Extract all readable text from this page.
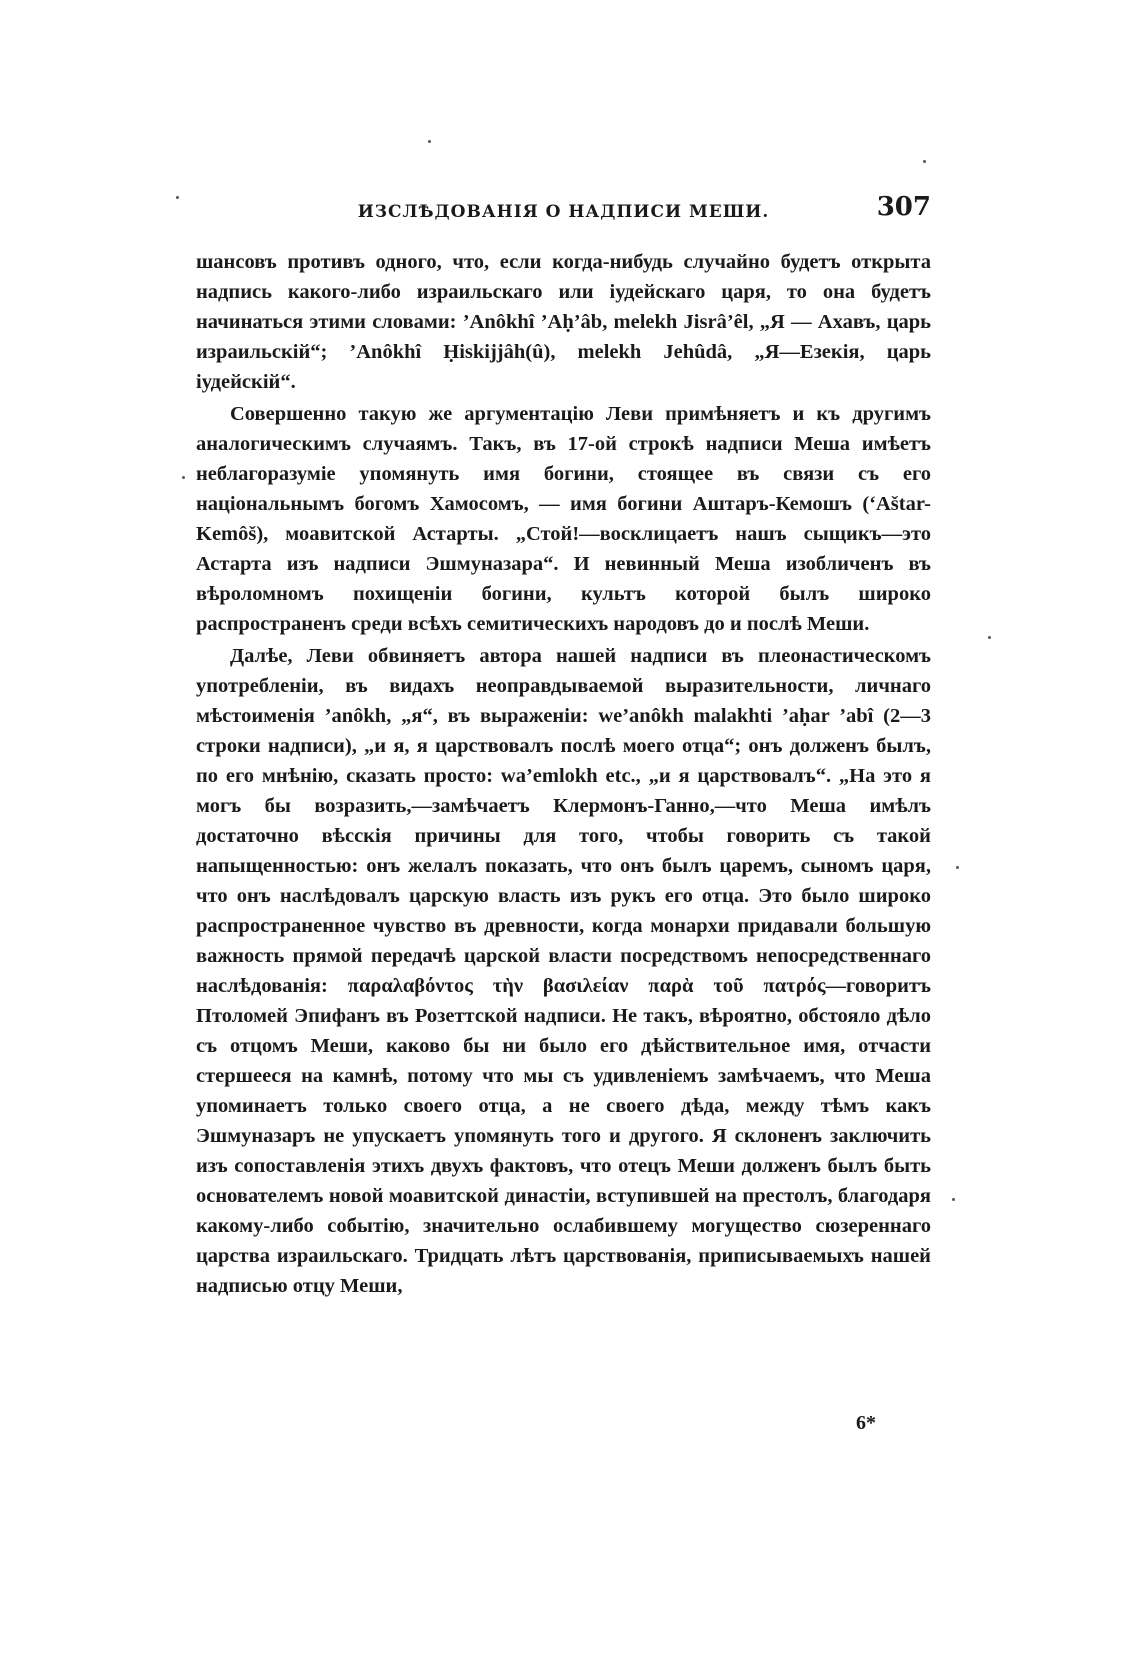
ИЗСЛѢДОВАНІЯ О НАДПИСИ МЕШИ.	307

шансовъ противъ одного, что, если когда-нибудь случайно будетъ открыта надпись какого-либо израильскаго или іудейскаго царя, то она будетъ начинаться этими словами: ’Anôkhî ’Aḥ’âb, melekh Jisrâ’êl, „Я — Ахавъ, царь израильскій“; ’Anôkhî Ḥiskijjâh(û), melekh Jehûdâ, „Я—Езекія, царь іудейскій“.

Совершенно такую же аргументацію Леви примѣняетъ и къ другимъ аналогическимъ случаямъ. Такъ, въ 17-ой строкѣ надписи Меша имѣетъ неблагоразуміе упомянуть имя богини, стоящее въ связи съ его національнымъ богомъ Хамосомъ, — имя богини Аштаръ-Кемошъ (‘Aštar-Kemôš), моавитской Астарты. „Стой!—восклицаетъ нашъ сыщикъ—это Астарта изъ надписи Эшмуназара“. И невинный Меша изобличенъ въ вѣроломномъ похищеніи богини, культъ которой былъ широко распространенъ среди всѣхъ семитическихъ народовъ до и послѣ Меши.

Далѣе, Леви обвиняетъ автора нашей надписи въ плеонастическомъ употребленіи, въ видахъ неоправдываемой выразительности, личнаго мѣстоименія ’anôkh, „я“, въ выраженіи: we’anôkh malakhti ’aḥar ’abî (2—3 строки надписи), „и я, я царствовалъ послѣ моего отца“; онъ долженъ былъ, по его мнѣнію, сказать просто: wa’emlokh etc., „и я царствовалъ“. „На это я могъ бы возразить,—замѣчаетъ Клермонъ-Ганно,—что Меша имѣлъ достаточно вѣсскія причины для того, чтобы говорить съ такой напыщенностью: онъ желалъ показать, что онъ былъ царемъ, сыномъ царя, что онъ наслѣдовалъ царскую власть изъ рукъ его отца. Это было широко распространенное чувство въ древности, когда монархи придавали большую важность прямой передачѣ царской власти посредствомъ непосредственнаго наслѣдованія: παραλαβόντος τὴν βασιλείαν παρὰ τοῦ πατρός—говоритъ Птоломей Эпифанъ въ Розеттской надписи. Не такъ, вѣроятно, обстояло дѣло съ отцомъ Меши, каково бы ни было его дѣйствительное имя, отчасти стершееся на камнѣ, потому что мы съ удивленіемъ замѣчаемъ, что Меша упоминаетъ только своего отца, а не своего дѣда, между тѣмъ какъ Эшмуназаръ не упускаетъ упомянуть того и другого. Я склоненъ заключить изъ сопоставленія этихъ двухъ фактовъ, что отецъ Меши долженъ былъ быть основателемъ новой моавитской династіи, вступившей на престолъ, благодаря какому-либо событію, значительно ослабившему могущество сюзереннаго царства израильскаго. Тридцать лѣтъ царствованія, приписываемыхъ нашей надписью отцу Меши,

6*
